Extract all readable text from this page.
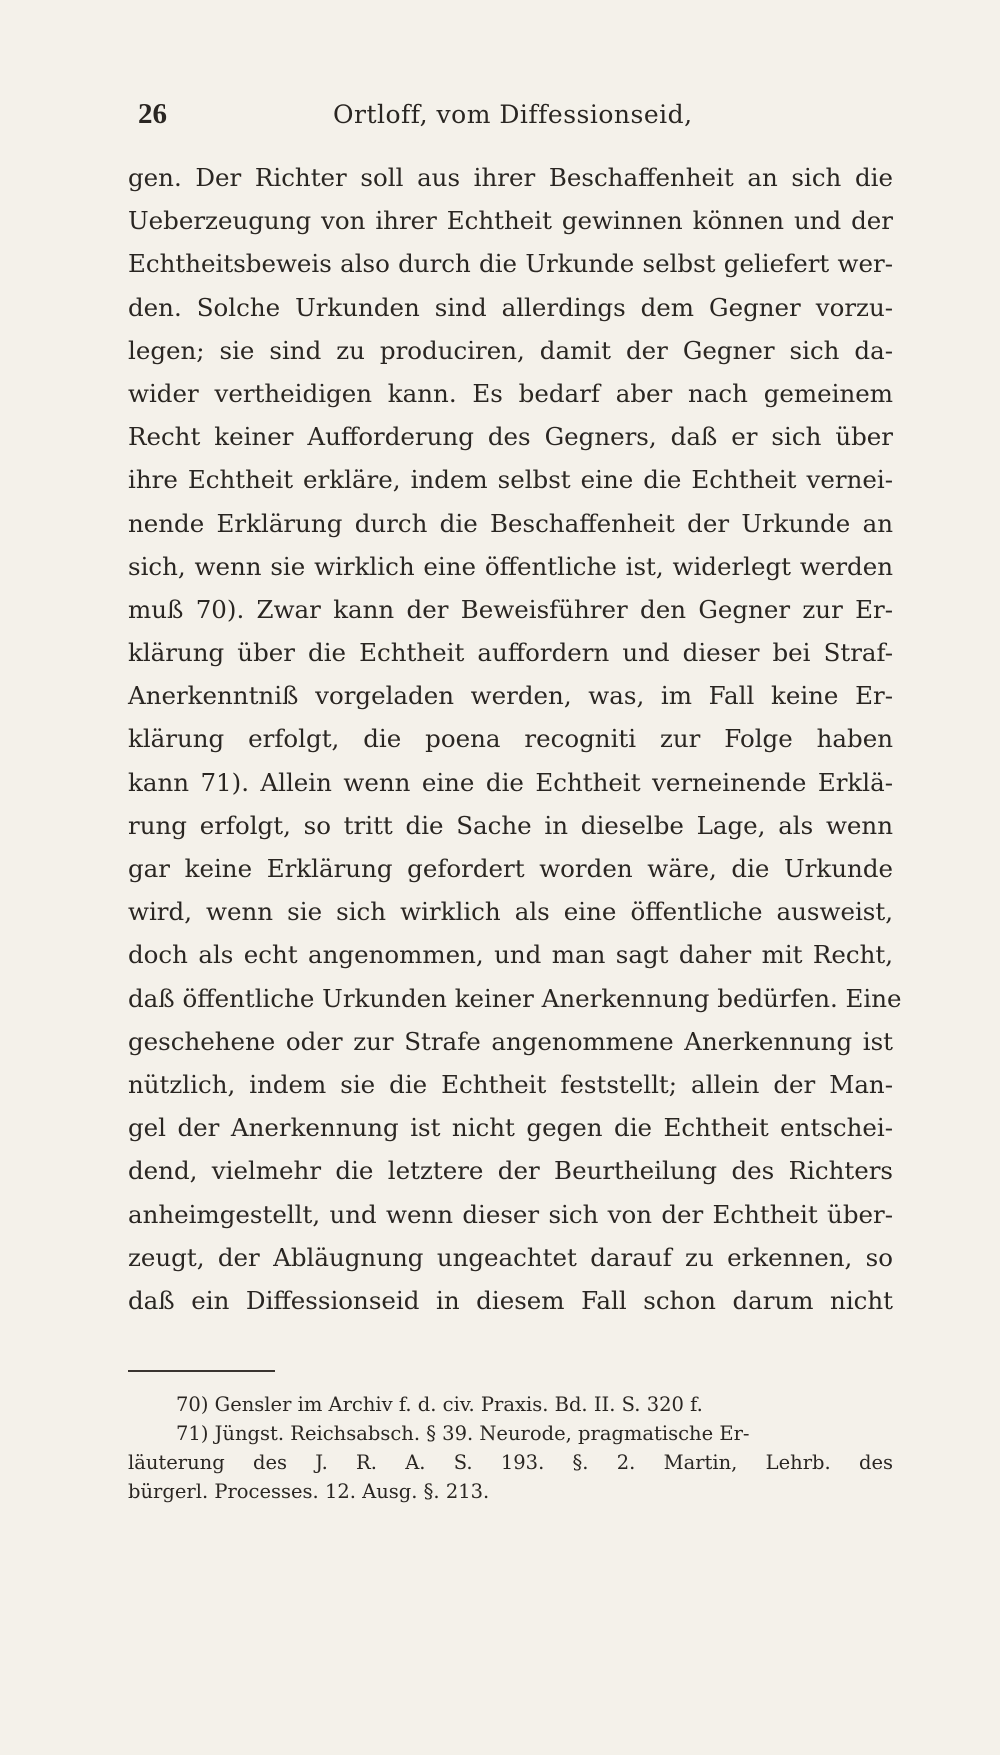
26	Ortloff, vom Diffessionseid,
gen. Der Richter soll aus ihrer Beschaffenheit an sich die
Ueberzeugung von ihrer Echtheit gewinnen können und der
Echtheitsbeweis also durch die Urkunde selbst geliefert wer-
den. Solche Urkunden sind allerdings dem Gegner vorzu-
legen; sie sind zu produciren, damit der Gegner sich da-
wider vertheidigen kann. Es bedarf aber nach gemeinem
Recht keiner Aufforderung des Gegners, daß er sich über
ihre Echtheit erkläre, indem selbst eine die Echtheit vernei-
nende Erklärung durch die Beschaffenheit der Urkunde an
sich, wenn sie wirklich eine öffentliche ist, widerlegt werden
muß 70). Zwar kann der Beweisführer den Gegner zur Er-
klärung über die Echtheit auffordern und dieser bei Straf-
Anerkenntniß vorgeladen werden, was, im Fall keine Er-
klärung erfolgt, die poena recogniti zur Folge haben
kann 71). Allein wenn eine die Echtheit verneinende Erklä-
rung erfolgt, so tritt die Sache in dieselbe Lage, als wenn
gar keine Erklärung gefordert worden wäre, die Urkunde
wird, wenn sie sich wirklich als eine öffentliche ausweist,
doch als echt angenommen, und man sagt daher mit Recht,
daß öffentliche Urkunden keiner Anerkennung bedürfen. Eine
geschehene oder zur Strafe angenommene Anerkennung ist
nützlich, indem sie die Echtheit feststellt; allein der Man-
gel der Anerkennung ist nicht gegen die Echtheit entschei-
dend, vielmehr die letztere der Beurtheilung des Richters
anheimgestellt, und wenn dieser sich von der Echtheit über-
zeugt, der Abläugnung ungeachtet darauf zu erkennen, so
daß ein Diffessionseid in diesem Fall schon darum nicht
70) Gensler im Archiv f. d. civ. Praxis. Bd. II. S. 320 f.
71) Jüngst. Reichsabsch. § 39. Neurode, pragmatische Er-
läuterung des J. R. A. S. 193. §. 2. Martin, Lehrb. des
bürgerl. Processes. 12. Ausg. §. 213.
